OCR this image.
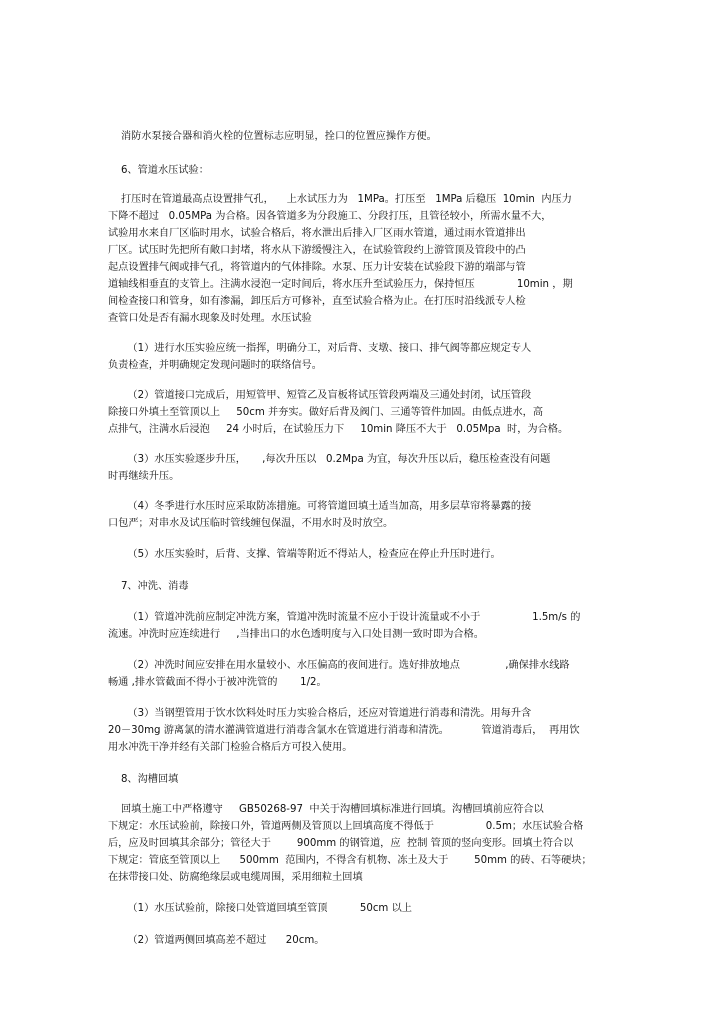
消防水泵接合器和消火栓的位置标志应明显，拴口的位置应操作方便。
6、管道水压试验：
打压时在管道最高点设置排气孔，    上水试压力为   1MPa。打压至   1MPa 后稳压  10min  内压力
下降不超过   0.05MPa 为合格。因各管道多为分段施工、分段打压，且管径较小，所需水量不大，
试验用水来自厂区临时用水，试验合格后，将水泄出后排入厂区雨水管道，通过雨水管道排出
厂区。试压时先把所有敞口封堵，将水从下游缓慢注入，在试验管段约上游管顶及管段中的凸
起点设置排气阀或排气孔，将管道内的气体排除。水泵、压力计安装在试验段下游的端部与管
道轴线相垂直的支管上。注满水浸泡一定时间后，将水压升至试验压力，保持恒压             10min ，期
间检查接口和管身，如有渗漏，卸压后方可修补，直至试验合格为止。在打压时沿线派专人检
查管口处是否有漏水现象及时处理。水压试验
（1）进行水压实验应统一指挥，明确分工，对后背、支墩、接口、排气阀等都应规定专人
负责检查，并明确规定发现问题时的联络信号。
（2）管道接口完成后，用短管甲、短管乙及盲板将试压管段两端及三通处封闭，试压管段
除接口外填土至管顶以上     50cm 并夯实。做好后背及阀门、三通等管件加固。由低点进水，高
点排气，注满水后浸泡     24 小时后，在试验压力下     10min 降压不大于   0.05Mpa  时，为合格。
（3）水压实验逐步升压，     ,每次升压以   0.2Mpa 为宜，每次升压以后，稳压检查没有问题
时再继续升压。
（4）冬季进行水压时应采取防冻措施。可将管道回填土适当加高，用多层草帘将暴露的接
口包严；对串水及试压临时管线缠包保温，不用水时及时放空。
（5）水压实验时，后背、支撑、管端等附近不得站人，检查应在停止升压时进行。
7、冲洗、消毒
（1）管道冲洗前应制定冲洗方案，管道冲洗时流量不应小于设计流量或不小于                1.5m/s 的
流速。冲洗时应连续进行     ,当排出口的水色透明度与入口处目测一致时即为合格。
（2）冲洗时间应安排在用水量较小、水压偏高的夜间进行。选好排放地点              ,确保排水线路
畅通 ,排水管截面不得小于被冲洗管的       1/2。
（3）当钢塑管用于饮水饮料处时压力实验合格后，还应对管道进行消毒和清洗。用每升含
20－30mg 游离氯的清水灌满管道进行消毒含氯水在管道进行消毒和清洗。          管道消毒后，  再用饮
用水冲洗干净并经有关部门检验合格后方可投入使用。
8、沟槽回填
回填土施工中严格遵守     GB50268-97  中关于沟槽回填标准进行回填。沟槽回填前应符合以
下规定：水压试验前，除接口外，管道两侧及管顶以上回填高度不得低于                0.5m；水压试验合格
后，应及时回填其余部分；管径大于        900mm 的钢管道，应  控制 管顶的竖向变形。回填土符合以
下规定：管底至管顶以上      500mm  范围内，不得含有机物、冻土及大于        50mm 的砖、石等硬块；
在抹带接口处、防腐绝缘层或电缆周围，采用细粒土回填
（1）水压试验前，除接口处管道回填至管顶          50cm 以上
（2）管道两侧回填高差不超过      20cm。
